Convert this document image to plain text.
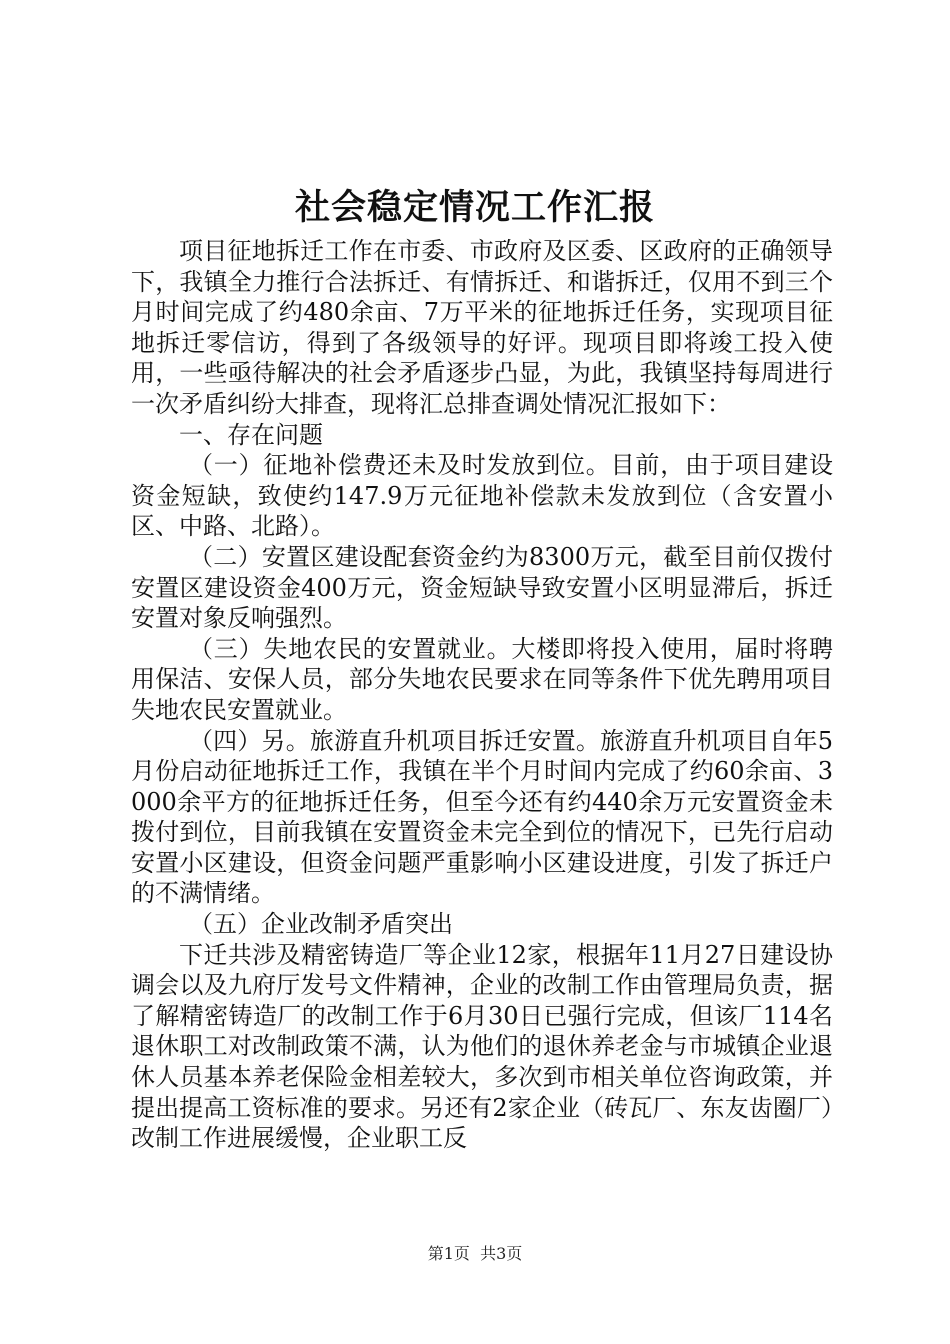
社会稳定情况工作汇报

项目征地拆迁工作在市委、市政府及区委、区政府的正确领导下，我镇全力推行合法拆迁、有情拆迁、和谐拆迁，仅用不到三个月时间完成了约480余亩、7万平米的征地拆迁任务，实现项目征地拆迁零信访，得到了各级领导的好评。现项目即将竣工投入使用，一些亟待解决的社会矛盾逐步凸显，为此，我镇坚持每周进行一次矛盾纠纷大排查，现将汇总排查调处情况汇报如下：

一、存在问题

（一）征地补偿费还未及时发放到位。目前，由于项目建设资金短缺，致使约147.9万元征地补偿款未发放到位（含安置小区、中路、北路）。

（二）安置区建设配套资金约为8300万元，截至目前仅拨付安置区建设资金400万元，资金短缺导致安置小区明显滞后，拆迁安置对象反响强烈。

（三）失地农民的安置就业。大楼即将投入使用，届时将聘用保洁、安保人员，部分失地农民要求在同等条件下优先聘用项目失地农民安置就业。

（四）另。旅游直升机项目拆迁安置。旅游直升机项目自年5月份启动征地拆迁工作，我镇在半个月时间内完成了约60余亩、3000余平方的征地拆迁任务，但至今还有约440余万元安置资金未拨付到位，目前我镇在安置资金未完全到位的情况下，已先行启动安置小区建设，但资金问题严重影响小区建设进度，引发了拆迁户的不满情绪。

（五）企业改制矛盾突出

下迁共涉及精密铸造厂等企业12家，根据年11月27日建设协调会以及九府厅发号文件精神，企业的改制工作由管理局负责，据了解精密铸造厂的改制工作于6月30日已强行完成，但该厂114名退休职工对改制政策不满，认为他们的退休养老金与市城镇企业退休人员基本养老保险金相差较大，多次到市相关单位咨询政策，并提出提高工资标准的要求。另还有2家企业（砖瓦厂、东友齿圈厂）改制工作进展缓慢，企业职工反

第1页 共3页
